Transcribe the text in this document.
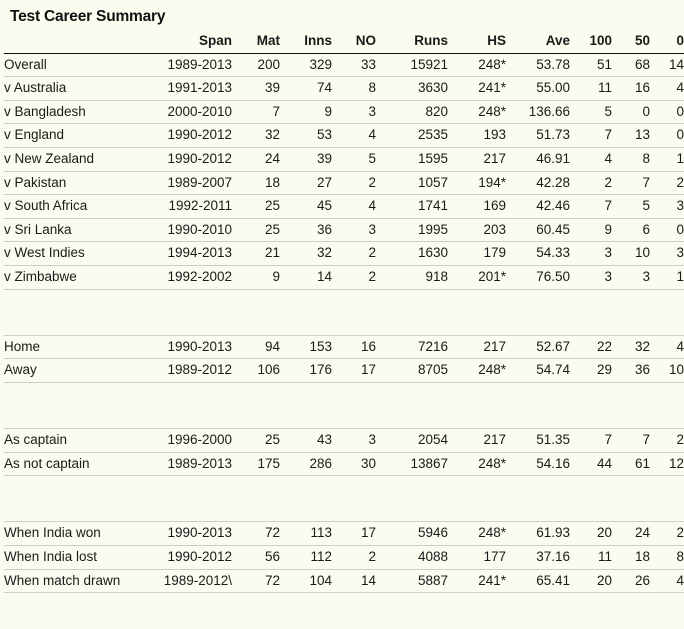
Test Career Summary
	Span	Mat	Inns	NO	Runs	HS	Ave	100	50	0
Overall	1989-2013	200	329	33	15921	248*	53.78	51	68	14
v Australia	1991-2013	39	74	8	3630	241*	55.00	11	16	4
v Bangladesh	2000-2010	7	9	3	820	248*	136.66	5	0	0
v England	1990-2012	32	53	4	2535	193	51.73	7	13	0
v New Zealand	1990-2012	24	39	5	1595	217	46.91	4	8	1
v Pakistan	1989-2007	18	27	2	1057	194*	42.28	2	7	2
v South Africa	1992-2011	25	45	4	1741	169	42.46	7	5	3
v Sri Lanka	1990-2010	25	36	3	1995	203	60.45	9	6	0
v West Indies	1994-2013	21	32	2	1630	179	54.33	3	10	3
v Zimbabwe	1992-2002	9	14	2	918	201*	76.50	3	3	1

Home	1990-2013	94	153	16	7216	217	52.67	22	32	4
Away	1989-2012	106	176	17	8705	248*	54.74	29	36	10

As captain	1996-2000	25	43	3	2054	217	51.35	7	7	2
As not captain	1989-2013	175	286	30	13867	248*	54.16	44	61	12

When India won	1990-2013	72	113	17	5946	248*	61.93	20	24	2
When India lost	1990-2012	56	112	2	4088	177	37.16	11	18	8
When match drawn	1989-2012\	72	104	14	5887	241*	65.41	20	26	4
